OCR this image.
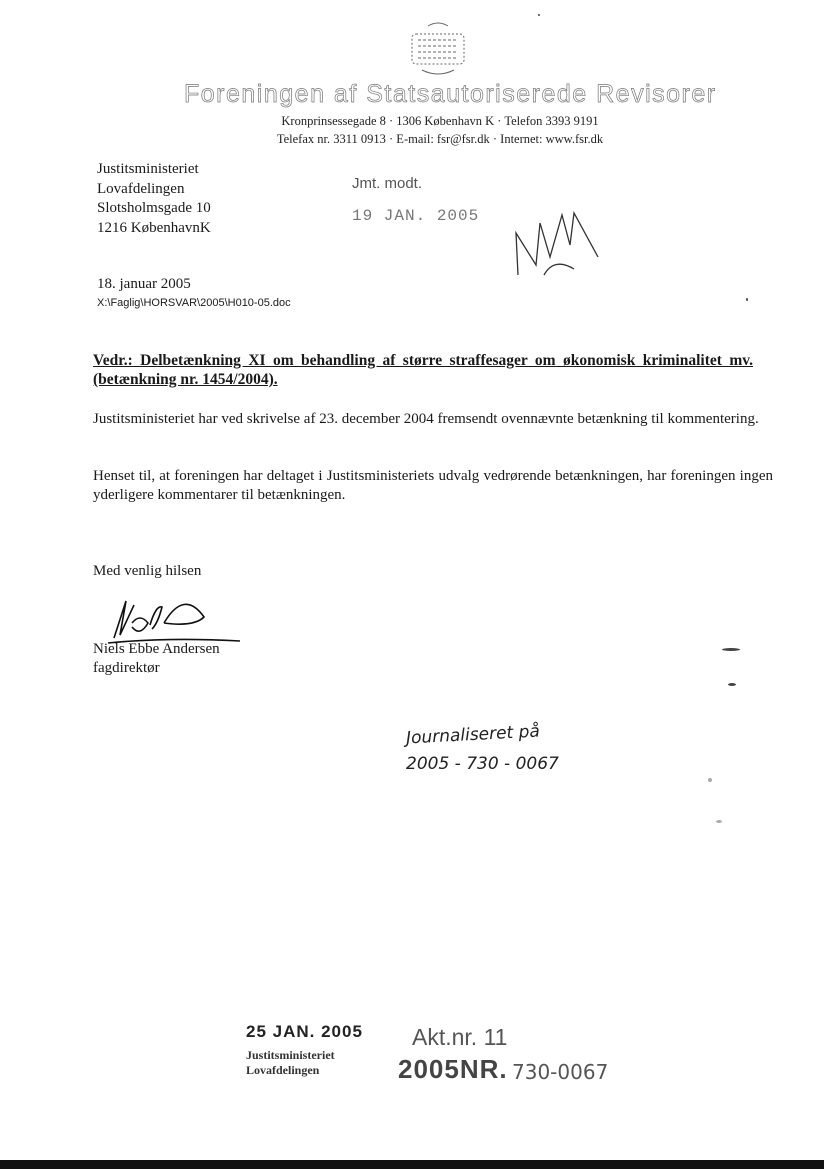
Foreningen af Statsautoriserede Revisorer
Kronprinsessegade 8 · 1306 København K · Telefon 3393 9191
Telefax nr. 3311 0913 · E-mail: fsr@fsr.dk · Internet: www.fsr.dk
Justitsministeriet
Lovafdelingen
Slotsholmsgade 10
1216 KøbenhavnK
Jmt. modt.
19 JAN. 2005
18. januar 2005
X:\Faglig\HORSVAR\2005\H010-05.doc
Vedr.: Delbetænkning XI om behandling af større straffesager om økonomisk kriminalitet mv. (betænkning nr. 1454/2004).
Justitsministeriet har ved skrivelse af 23. december 2004 fremsendt ovennævnte betænkning til kommentering.
Henset til, at foreningen har deltaget i Justitsministeriets udvalg vedrørende betænkningen, har foreningen ingen yderligere kommentarer til betænkningen.
Med venlig hilsen
Niels Ebbe Andersen
fagdirektør
Journaliseret på
2005 - 730 - 0067
25 JAN. 2005
Justitsministeriet
Lovafdelingen
Akt.nr. 11
2005NR. 730-0067
